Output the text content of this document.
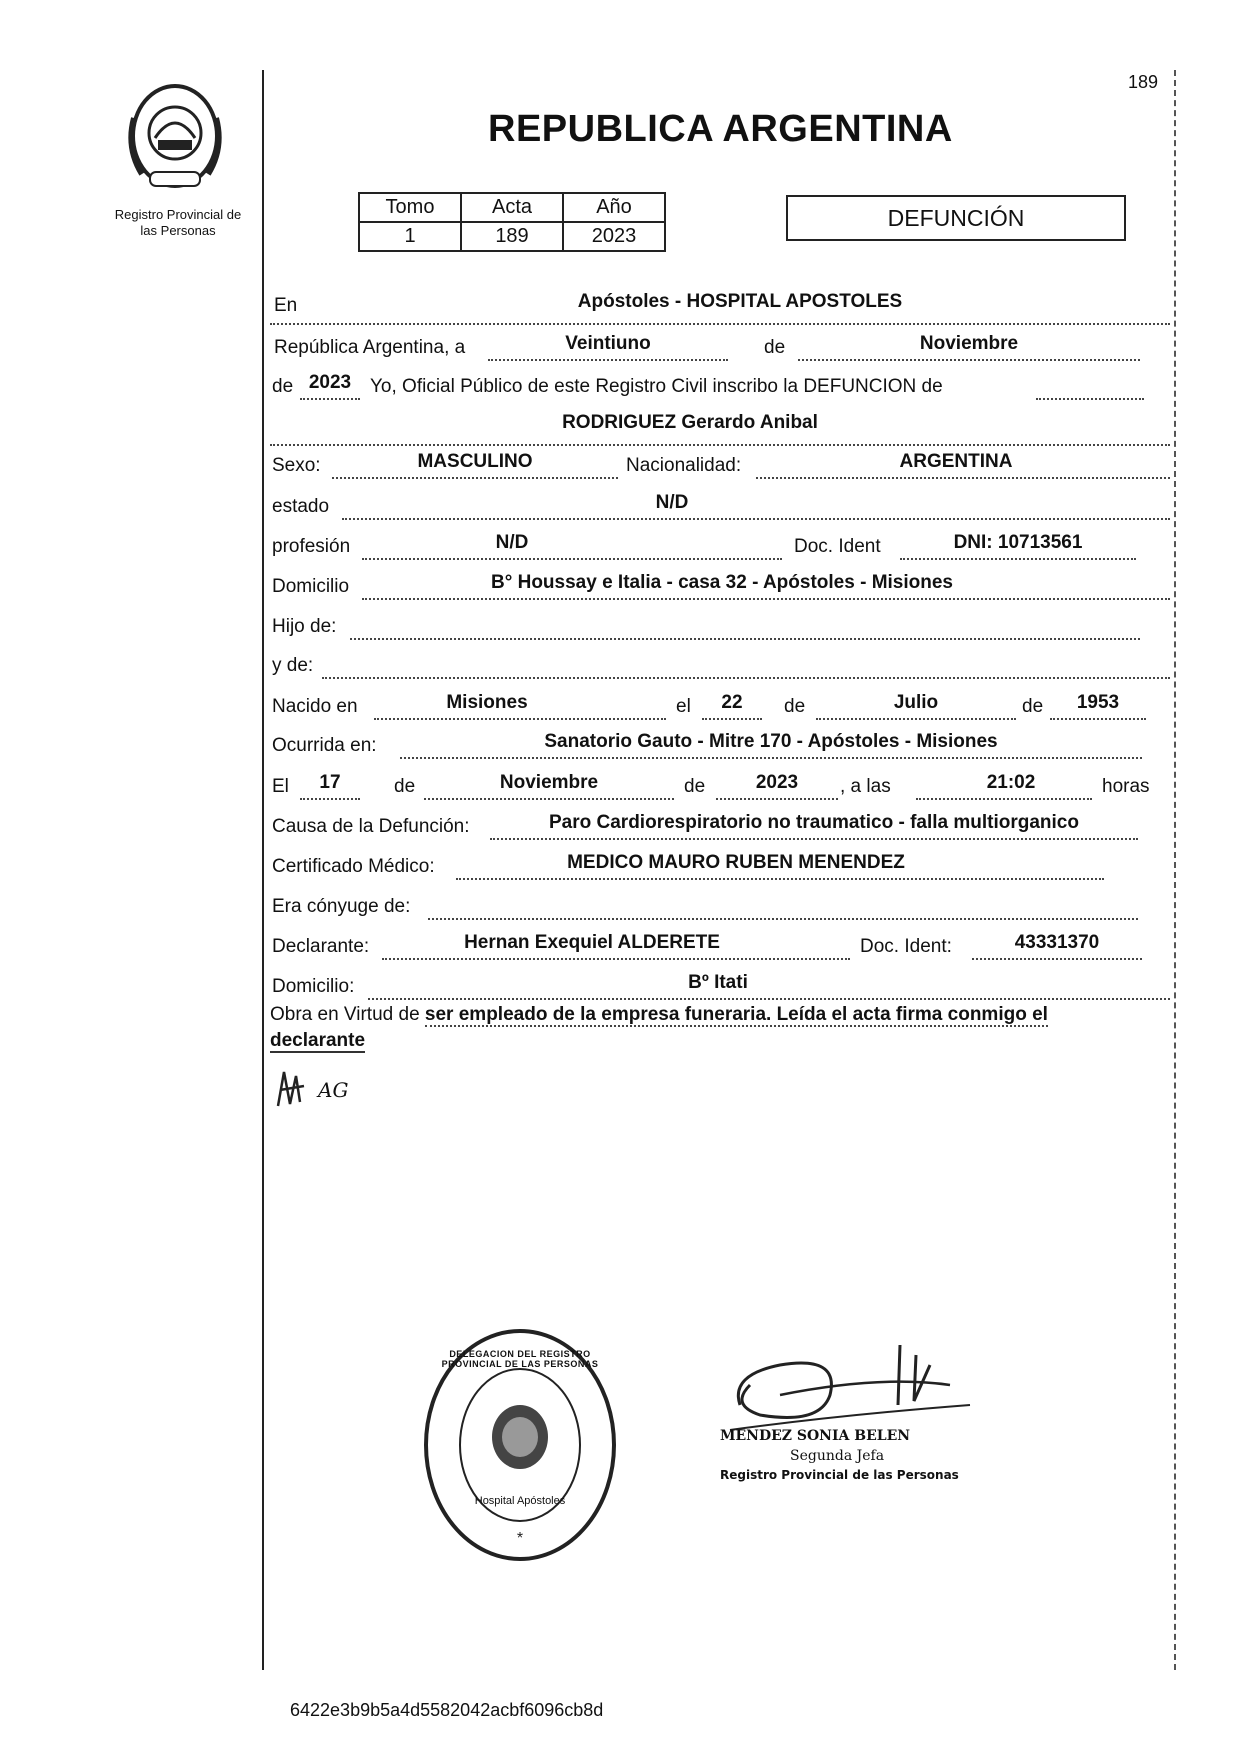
Registro Provincial de
las Personas
189
REPUBLICA ARGENTINA
Tomo	Acta	Año
1	189	2023
DEFUNCIÓN
En	Apóstoles - HOSPITAL APOSTOLES
República Argentina, a	Veintiuno	de	Noviembre
de 2023 Yo, Oficial Público de este Registro Civil inscribo la DEFUNCION de
RODRIGUEZ Gerardo Anibal
Sexo:	MASCULINO	Nacionalidad:	ARGENTINA
estado	N/D
profesión	N/D	Doc. Ident	DNI: 10713561
Domicilio	B° Houssay e Italia - casa 32 - Apóstoles - Misiones
Hijo de:
y de:
Nacido en	Misiones	el	22	de	Julio	de	1953
Ocurrida en:	Sanatorio Gauto - Mitre 170 - Apóstoles - Misiones
El	17	de	Noviembre	de	2023	, a las	21:02	horas
Causa de la Defunción:	Paro Cardiorespiratorio no traumatico - falla multiorganico
Certificado Médico:	MEDICO MAURO RUBEN MENENDEZ
Era cónyuge de:
Declarante:	Hernan Exequiel ALDERETE	Doc. Ident:	43331370
Domicilio:	Bº Itati
Obra en Virtud de ser empleado de la empresa funeraria. Leída el acta firma conmigo el
declarante
AG
*
DELEGACION DEL REGISTRO PROVINCIAL DE LAS PERSONAS
Hospital Apóstoles
MENDEZ SONIA BELEN
Segunda Jefa
Registro Provincial de las Personas
6422e3b9b5a4d5582042acbf6096cb8d
